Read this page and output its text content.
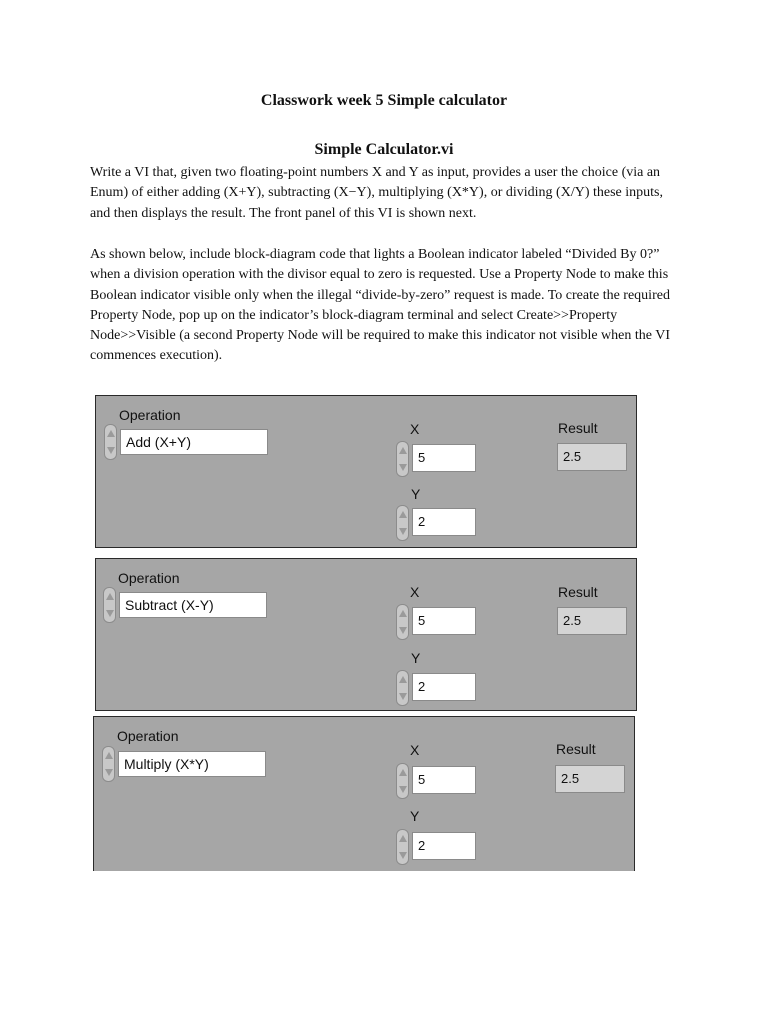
Classwork week 5 Simple calculator
Simple Calculator.vi

Write a VI that, given two floating-point numbers X and Y as input, provides a user the choice (via an Enum) of either adding (X+Y), subtracting (X−Y), multiplying (X*Y), or dividing (X/Y) these inputs, and then displays the result. The front panel of this VI is shown next.

As shown below, include block-diagram code that lights a Boolean indicator labeled “Divided By 0?” when a division operation with the divisor equal to zero is requested. Use a Property Node to make this Boolean indicator visible only when the illegal “divide-by-zero” request is made. To create the required Property Node, pop up on the indicator’s block-diagram terminal and select Create>>Property Node>>Visible (a second Property Node will be required to make this indicator not visible when the VI commences execution).

Operation
Add (X+Y)
X
5
Y
2
Result
2.5
Operation
Subtract (X-Y)
X
5
Y
2
Result
2.5
Operation
Multiply (X*Y)
X
5
Y
2
Result
2.5
